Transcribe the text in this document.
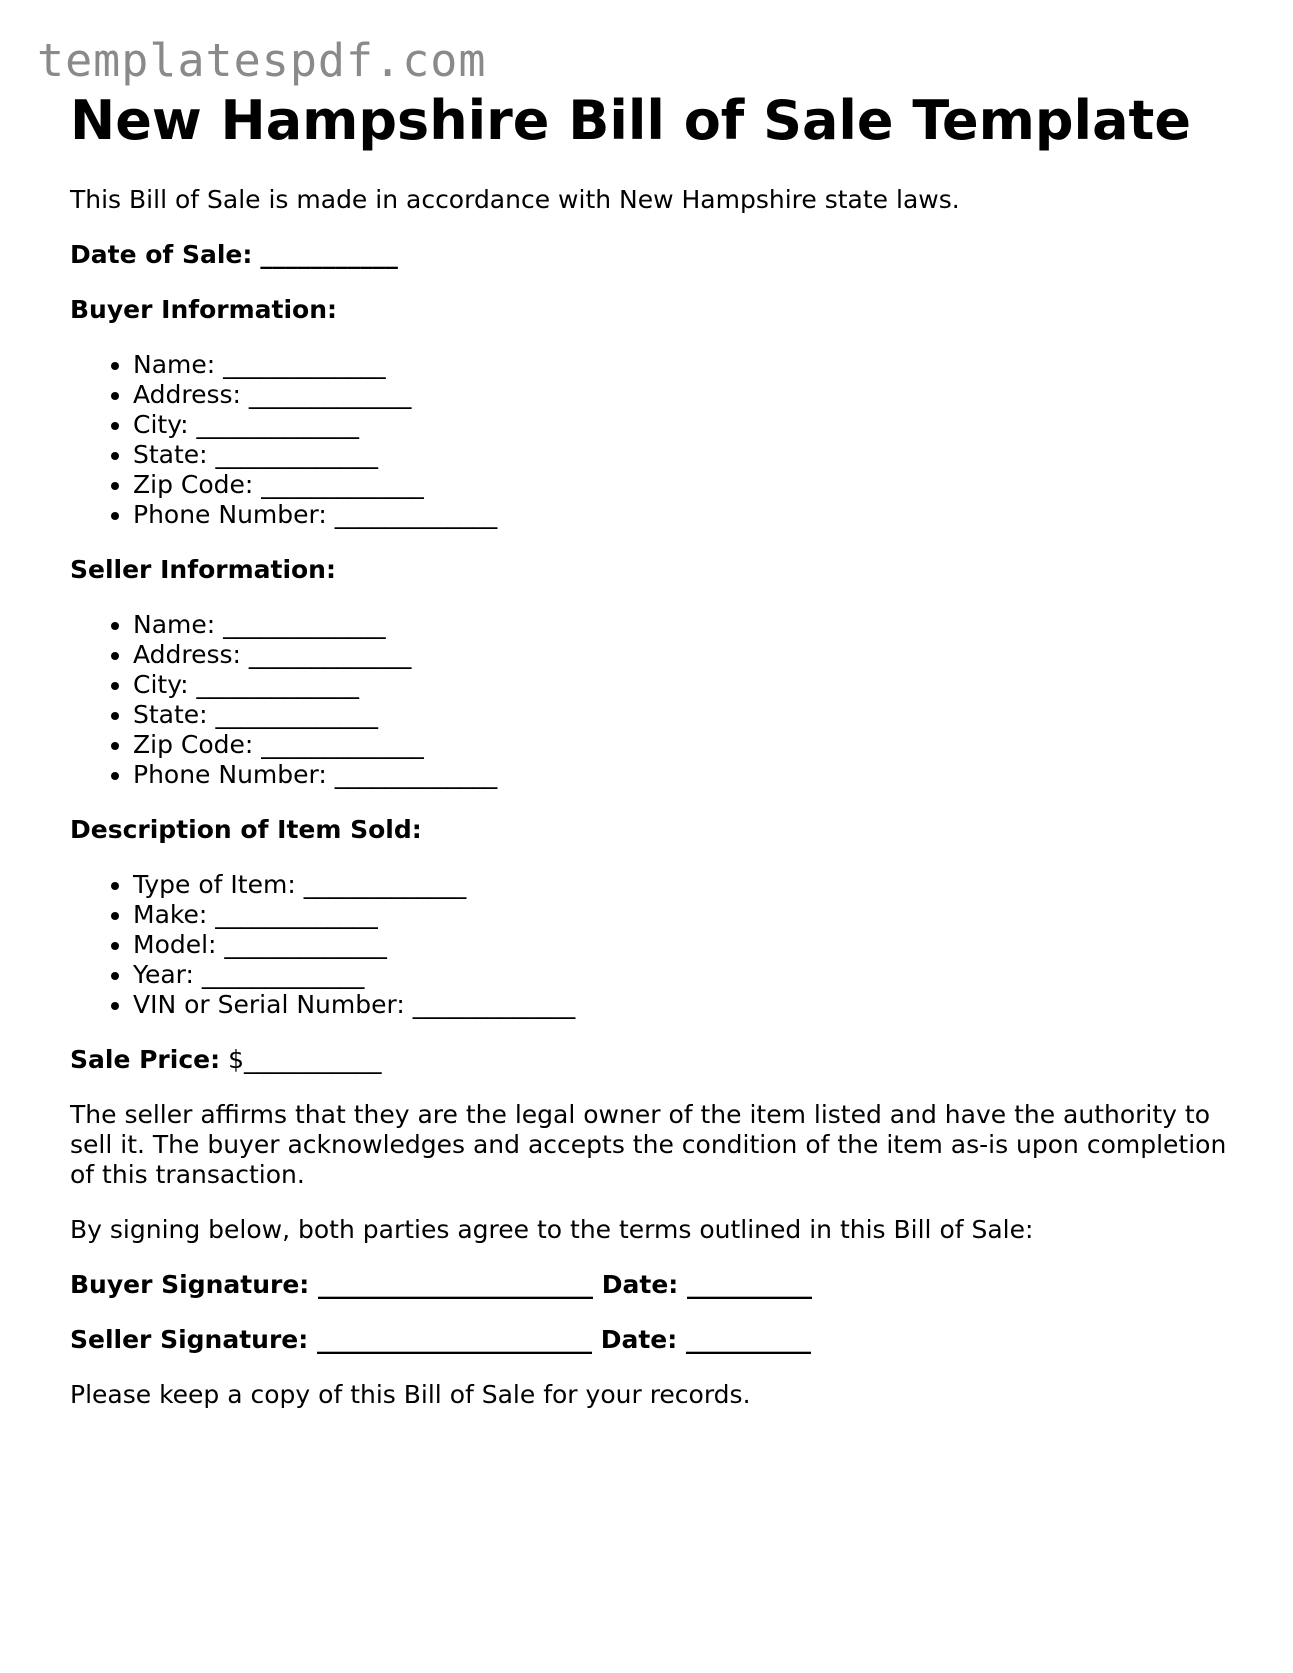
templatespdf.com
New Hampshire Bill of Sale Template

This Bill of Sale is made in accordance with New Hampshire state laws.

Date of Sale: ___________

Buyer Information:

• Name: _____________
• Address: _____________
• City: _____________
• State: _____________
• Zip Code: _____________
• Phone Number: _____________

Seller Information:

• Name: _____________
• Address: _____________
• City: _____________
• State: _____________
• Zip Code: _____________
• Phone Number: _____________

Description of Item Sold:

• Type of Item: _____________
• Make: _____________
• Model: _____________
• Year: _____________
• VIN or Serial Number: _____________

Sale Price: $___________

The seller affirms that they are the legal owner of the item listed and have the authority to sell it. The buyer acknowledges and accepts the condition of the item as-is upon completion of this transaction.

By signing below, both parties agree to the terms outlined in this Bill of Sale:

Buyer Signature: ______________________ Date: __________

Seller Signature: ______________________ Date: __________

Please keep a copy of this Bill of Sale for your records.
